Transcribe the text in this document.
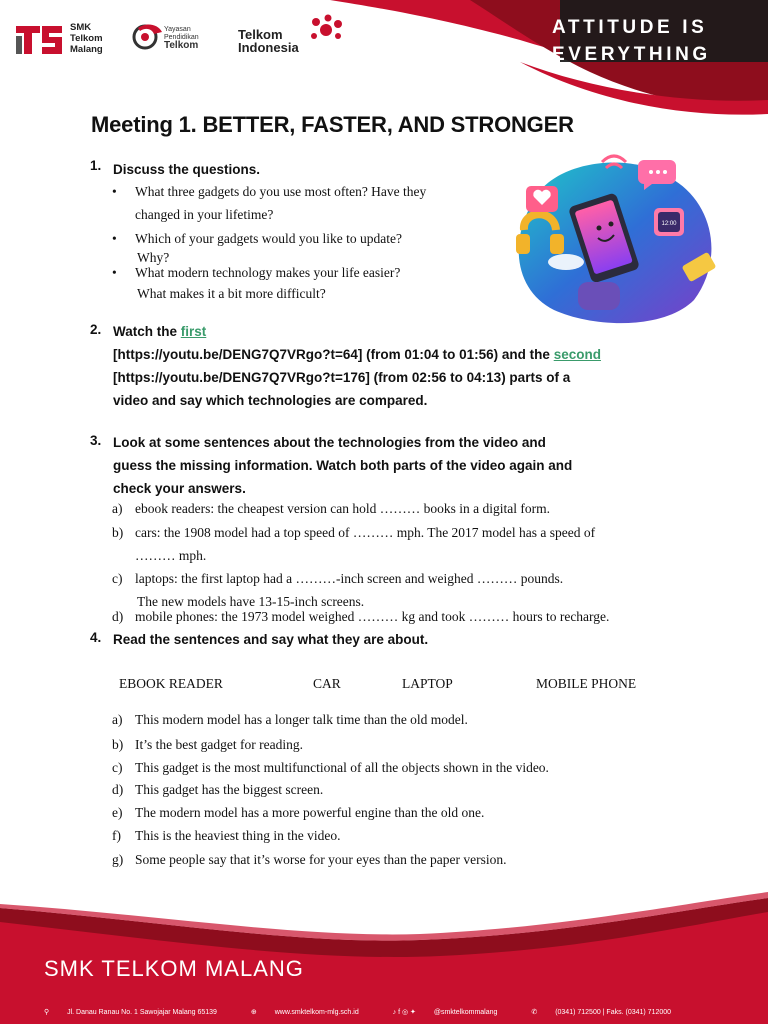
SMK
Telkom
Malang
Yayasan
Pendidikan
Telkom
Telkom
Indonesia
ATTITUDE IS
EVERYTHING
Meeting 1. BETTER, FASTER, AND STRONGER
12:00
1. Discuss the questions.
• What three gadgets do you use most often? Have they
changed in your lifetime?
• Which of your gadgets would you like to update?
Why?
• What modern technology makes your life easier?
What makes it a bit more difficult?
2. Watch the first
[https://youtu.be/DENG7Q7VRgo?t=64] (from 01:04 to 01:56) and the second
[https://youtu.be/DENG7Q7VRgo?t=176] (from 02:56 to 04:13) parts of a
video and say which technologies are compared.
3. Look at some sentences about the technologies from the video and
guess the missing information. Watch both parts of the video again and
check your answers.
a) ebook readers: the cheapest version can hold ……… books in a digital form.
b) cars: the 1908 model had a top speed of ……… mph. The 2017 model has a speed of
……… mph.
c) laptops: the first laptop had a ………-inch screen and weighed ……… pounds.
The new models have 13-15-inch screens.
d) mobile phones: the 1973 model weighed ……… kg and took ……… hours to recharge.
4. Read the sentences and say what they are about.
EBOOK READER	CAR	LAPTOP	MOBILE PHONE
a) This modern model has a longer talk time than the old model.
b) It’s the best gadget for reading.
c) This gadget is the most multifunctional of all the objects shown in the video.
d) This gadget has the biggest screen.
e) The modern model has a more powerful engine than the old one.
f) This is the heaviest thing in the video.
g) Some people say that it’s worse for your eyes than the paper version.
SMK TELKOM MALANG
⚲	Jl. Danau Ranau No. 1 Sawojajar Malang 65139	⊕	www.smktelkom-mlg.sch.id	♪ f ◎ ✦	@smktelkommalang	✆	(0341) 712500 | Faks. (0341) 712000
